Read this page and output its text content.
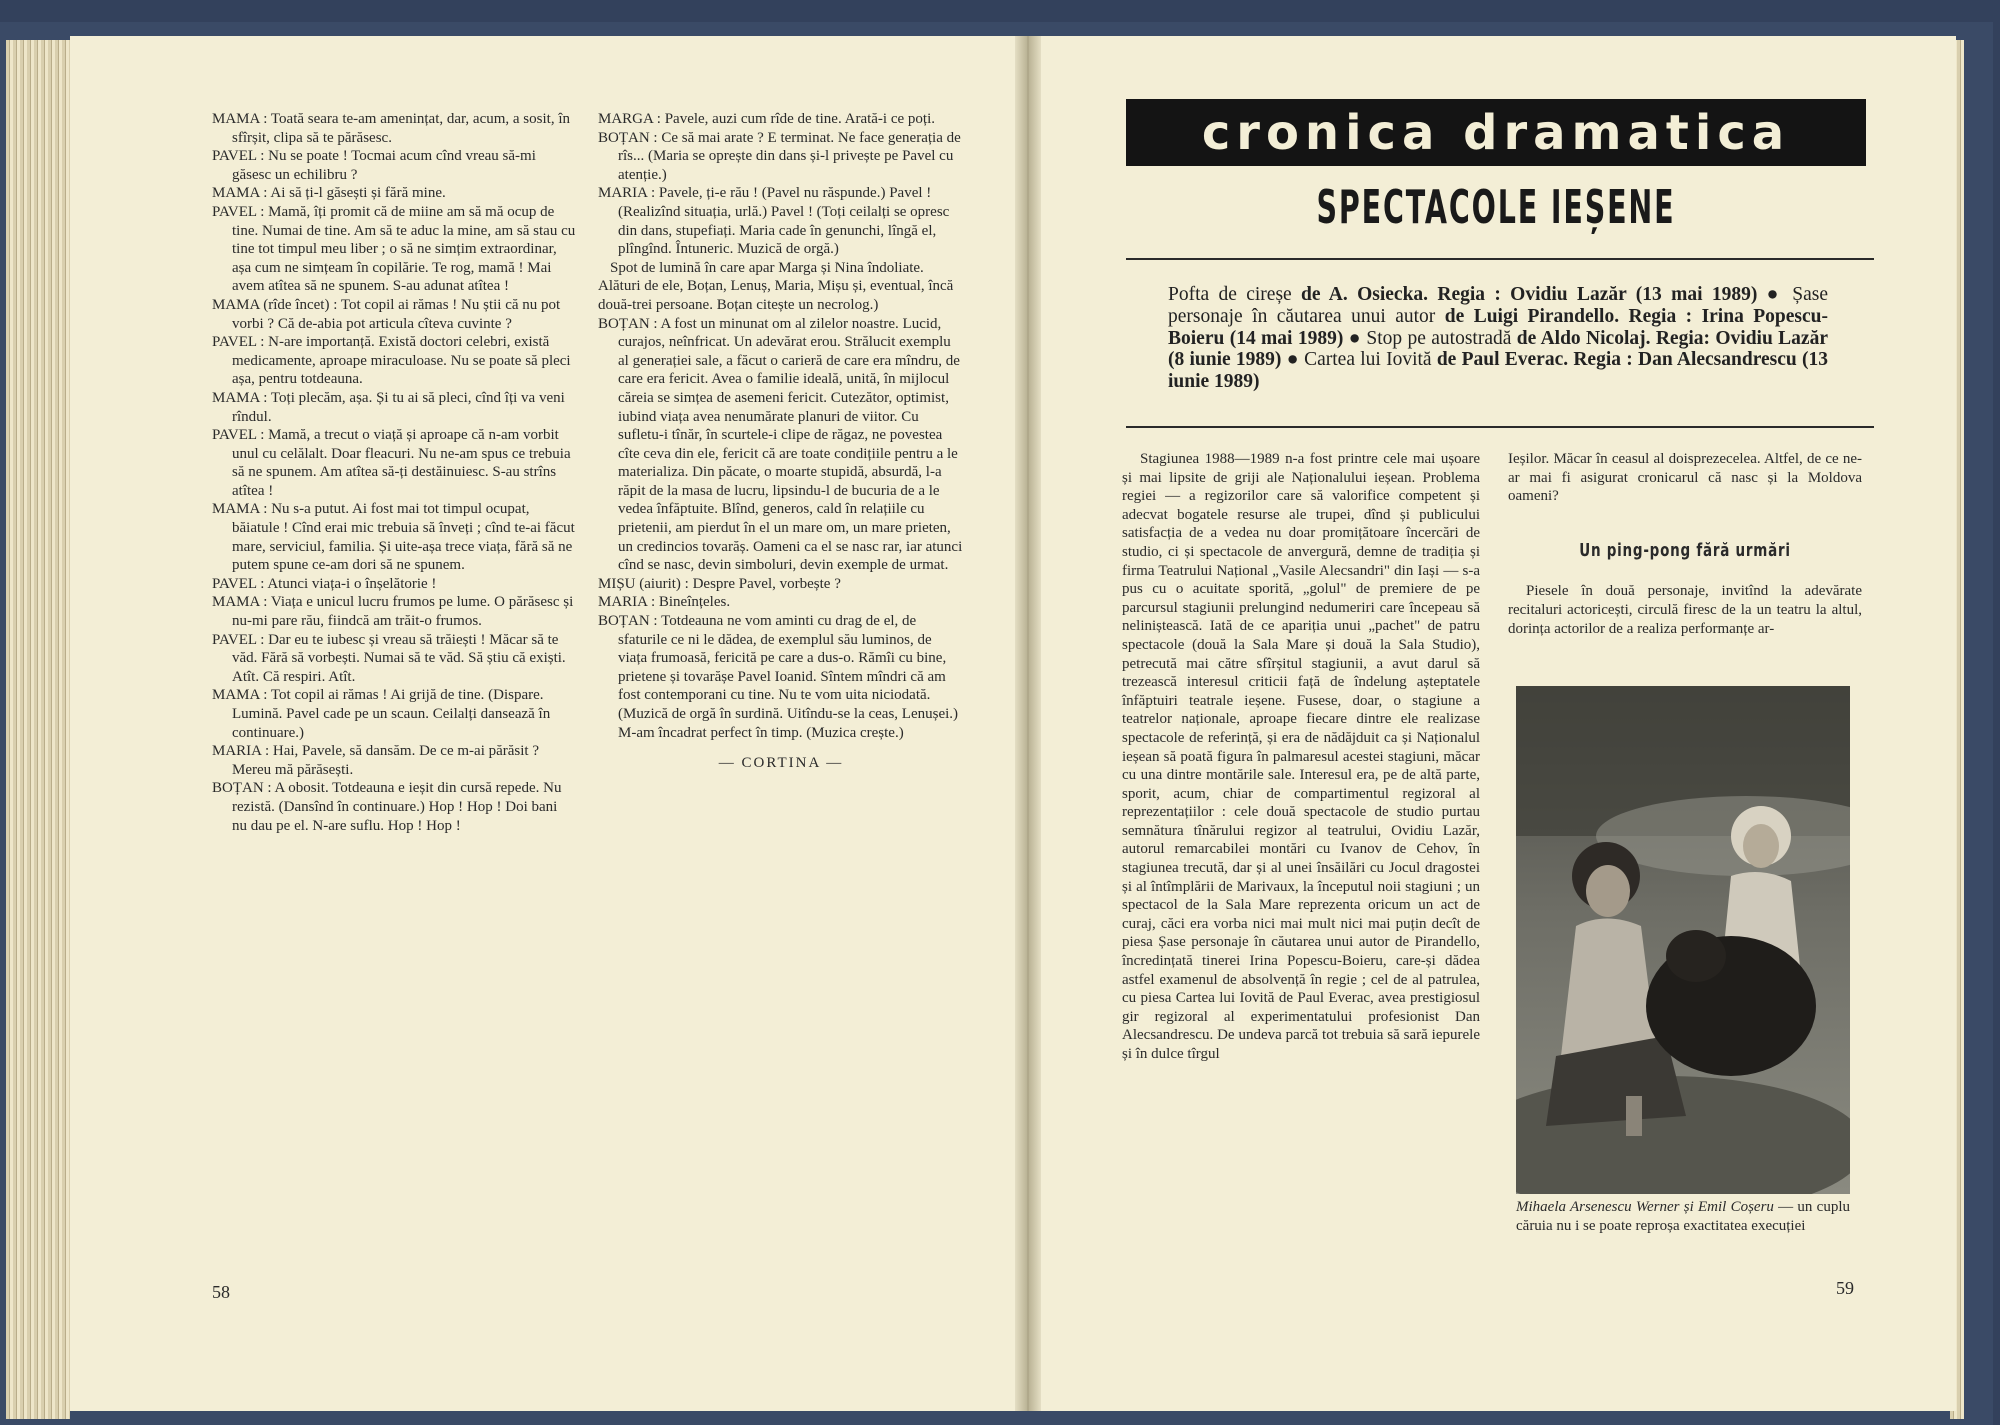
MAMA : Toată seara te-am amenințat, dar, acum, a sosit, în sfîrșit, clipa să te părăsesc.

PAVEL : Nu se poate ! Tocmai acum cînd vreau să-mi găsesc un echilibru ?

MAMA : Ai să ți-l găsești și fără mine.

PAVEL : Mamă, îți promit că de miine am să mă ocup de tine. Numai de tine. Am să te aduc la mine, am să stau cu tine tot timpul meu liber ; o să ne simțim extraordinar, așa cum ne simțeam în copilărie. Te rog, mamă ! Mai avem atîtea să ne spunem. S-au adunat atîtea !

MAMA (rîde încet) : Tot copil ai rămas ! Nu știi că nu pot vorbi ? Că de-abia pot articula cîteva cuvinte ?

PAVEL : N-are importanță. Există doctori celebri, există medicamente, aproape miraculoase. Nu se poate să pleci așa, pentru totdeauna.

MAMA : Toți plecăm, așa. Și tu ai să pleci, cînd îți va veni rîndul.

PAVEL : Mamă, a trecut o viață și aproape că n-am vorbit unul cu celălalt. Doar fleacuri. Nu ne-am spus ce trebuia să ne spunem. Am atîtea să-ți destăinuiesc. S-au strîns atîtea !

MAMA : Nu s-a putut. Ai fost mai tot timpul ocupat, băiatule ! Cînd erai mic trebuia să înveți ; cînd te-ai făcut mare, serviciul, familia. Și uite-așa trece viața, fără să ne putem spune ce-am dori să ne spunem.

PAVEL : Atunci viața-i o înșelătorie !

MAMA : Viața e unicul lucru frumos pe lume. O părăsesc și nu-mi pare rău, fiindcă am trăit-o frumos.

PAVEL : Dar eu te iubesc și vreau să trăiești ! Măcar să te văd. Fără să vorbești. Numai să te văd. Să știu că exiști. Atît. Că respiri. Atît.

MAMA : Tot copil ai rămas ! Ai grijă de tine. (Dispare. Lumină. Pavel cade pe un scaun. Ceilalți dansează în continuare.)

MARIA : Hai, Pavele, să dansăm. De ce m-ai părăsit ? Mereu mă părăsești.

BOȚAN : A obosit. Totdeauna e ieșit din cursă repede. Nu rezistă. (Dansînd în continuare.) Hop ! Hop ! Doi bani nu dau pe el. N-are suflu. Hop ! Hop !

MARGA : Pavele, auzi cum rîde de tine. Arată-i ce poți.

BOȚAN : Ce să mai arate ? E terminat. Ne face generația de rîs... (Maria se oprește din dans și-l privește pe Pavel cu atenție.)

MARIA : Pavele, ți-e rău ! (Pavel nu răspunde.) Pavel ! (Realizînd situația, urlă.) Pavel ! (Toți ceilalți se opresc din dans, stupefiați. Maria cade în genunchi, lîngă el, plîngînd. Întuneric. Muzică de orgă.)

Spot de lumină în care apar Marga și Nina îndoliate. Alături de ele, Boțan, Lenuș, Maria, Mișu și, eventual, încă două-trei persoane. Boțan citește un necrolog.)

BOȚAN : A fost un minunat om al zilelor noastre. Lucid, curajos, neînfricat. Un adevărat erou. Strălucit exemplu al generației sale, a făcut o carieră de care era mîndru, de care era fericit. Avea o familie ideală, unită, în mijlocul căreia se simțea de asemeni fericit. Cutezător, optimist, iubind viața avea nenumărate planuri de viitor. Cu sufletu-i tînăr, în scurtele-i clipe de răgaz, ne povestea cîte ceva din ele, fericit că are toate condițiile pentru a le materializa. Din păcate, o moarte stupidă, absurdă, l-a răpit de la masa de lucru, lipsindu-l de bucuria de a le vedea înfăptuite. Blînd, generos, cald în relațiile cu prietenii, am pierdut în el un mare om, un mare prieten, un credincios tovarăș. Oameni ca el se nasc rar, iar atunci cînd se nasc, devin simboluri, devin exemple de urmat.

MIȘU (aiurit) : Despre Pavel, vorbește ?

MARIA : Bineînțeles.

BOȚAN : Totdeauna ne vom aminti cu drag de el, de sfaturile ce ni le dădea, de exemplul său luminos, de viața frumoasă, fericită pe care a dus-o. Rămîi cu bine, prietene și tovarășe Pavel Ioanid. Sîntem mîndri că am fost contemporani cu tine. Nu te vom uita niciodată. (Muzică de orgă în surdină. Uitîndu-se la ceas, Lenușei.) M-am încadrat perfect în timp. (Muzica crește.)

— CORTINA —

58
cronica dramatica
SPECTACOLE IEȘENE

Pofta de cireșe de A. Osiecka. Regia : Ovidiu Lazăr (13 mai 1989) ● Șase personaje în căutarea unui autor de Luigi Pirandello. Regia : Irina Popescu-Boieru (14 mai 1989) ● Stop pe autostradă de Aldo Nicolaj. Regia: Ovidiu Lazăr (8 iunie 1989) ● Cartea lui Iovită de Paul Everac. Regia : Dan Alecsandrescu (13 iunie 1989)

Stagiunea 1988—1989 n-a fost printre cele mai ușoare și mai lipsite de griji ale Naționalului ieșean. Problema regiei — a regizorilor care să valorifice competent și adecvat bogatele resurse ale trupei, dînd și publicului satisfacția de a vedea nu doar promițătoare încercări de studio, ci și spectacole de anvergură, demne de tradiția și firma Teatrului Național „Vasile Alecsandri" din Iași — s-a pus cu o acuitate sporită, „golul" de premiere de pe parcursul stagiunii prelungind nedumeriri care începeau să neliniștească. Iată de ce apariția unui „pachet" de patru spectacole (două la Sala Mare și două la Sala Studio), petrecută mai către sfîrșitul stagiunii, a avut darul să trezească interesul criticii față de îndelung așteptatele înfăptuiri teatrale ieșene. Fusese, doar, o stagiune a teatrelor naționale, aproape fiecare dintre ele realizase spectacole de referință, și era de nădăjduit ca și Naționalul ieșean să poată figura în palmaresul acestei stagiuni, măcar cu una dintre montările sale. Interesul era, pe de altă parte, sporit, acum, chiar de compartimentul regizoral al reprezentațiilor : cele două spectacole de studio purtau semnătura tînărului regizor al teatrului, Ovidiu Lazăr, autorul remarcabilei montări cu Ivanov de Cehov, în stagiunea trecută, dar și al unei însăilări cu Jocul dragostei și al întîmplării de Marivaux, la începutul noii stagiuni ; un spectacol de la Sala Mare reprezenta oricum un act de curaj, căci era vorba nici mai mult nici mai puțin decît de piesa Șase personaje în căutarea unui autor de Pirandello, încredințată tinerei Irina Popescu-Boieru, care-și dădea astfel examenul de absolvență în regie ; cel de al patrulea, cu piesa Cartea lui Iovită de Paul Everac, avea prestigiosul gir regizoral al experimentatului profesionist Dan Alecsandrescu. De undeva parcă tot trebuia să sară iepurele și în dulce tîrgul

Ieșilor. Măcar în ceasul al doisprezecelea. Altfel, de ce ne-ar mai fi asigurat cronicarul că nasc și la Moldova oameni?

Un ping-pong fără urmări

Piesele în două personaje, invitînd la adevărate recitaluri actoricești, circulă firesc de la un teatru la altul, dorința actorilor de a realiza performanțe ar-

Mihaela Arsenescu Werner și Emil Coșeru — un cuplu căruia nu i se poate reproșa exactitatea execuției

59
